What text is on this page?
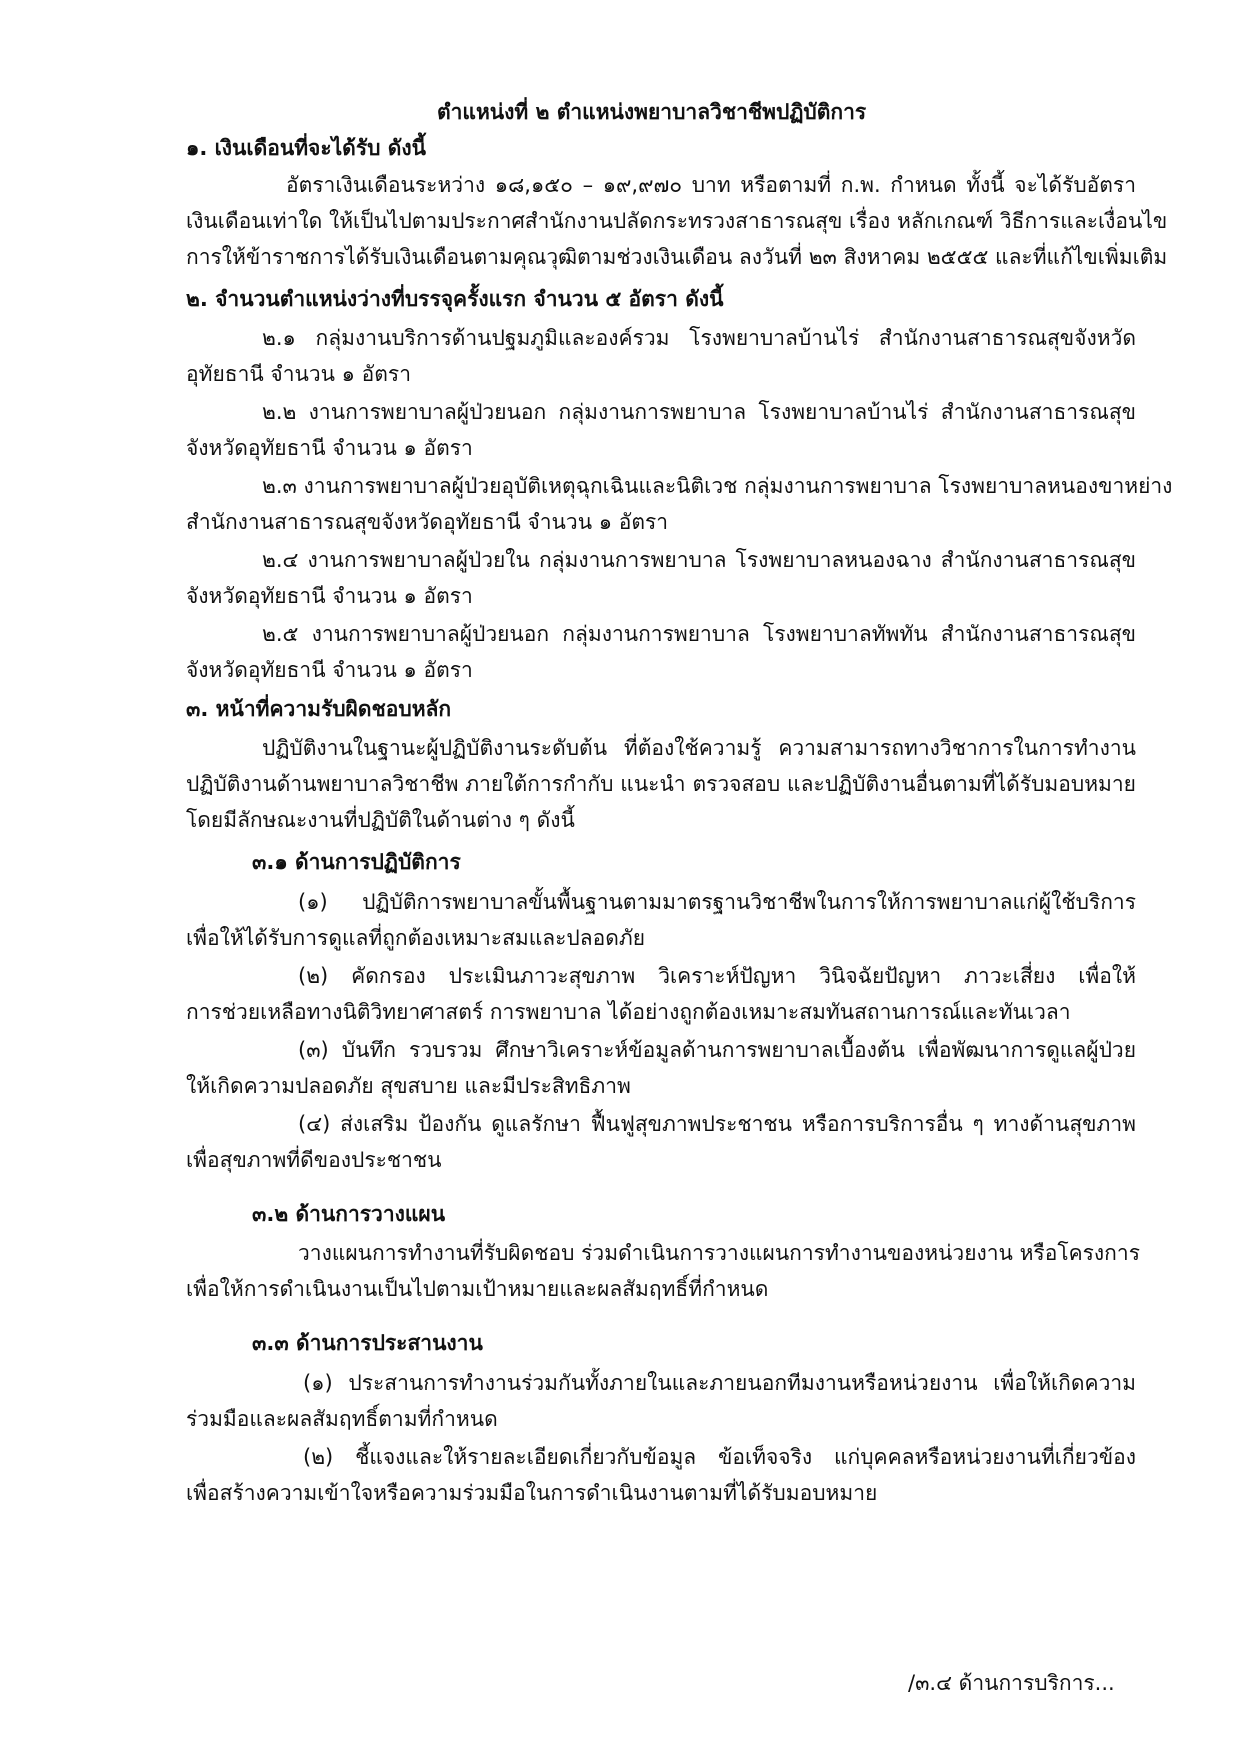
ตำแหน่งที่ ๒ ตำแหน่งพยาบาลวิชาชีพปฏิบัติการ
๑. เงินเดือนที่จะได้รับ ดังนี้
อัตราเงินเดือนระหว่าง ๑๘,๑๕๐ – ๑๙,๙๗๐ บาท หรือตามที่ ก.พ. กำหนด ทั้งนี้ จะได้รับอัตรา
เงินเดือนเท่าใด ให้เป็นไปตามประกาศสำนักงานปลัดกระทรวงสาธารณสุข เรื่อง หลักเกณฑ์ วิธีการและเงื่อนไข
การให้ข้าราชการได้รับเงินเดือนตามคุณวุฒิตามช่วงเงินเดือน ลงวันที่ ๒๓ สิงหาคม ๒๕๕๕ และที่แก้ไขเพิ่มเติม
๒. จำนวนตำแหน่งว่างที่บรรจุครั้งแรก จำนวน ๕ อัตรา ดังนี้
๒.๑ กลุ่มงานบริการด้านปฐมภูมิและองค์รวม โรงพยาบาลบ้านไร่ สำนักงานสาธารณสุขจังหวัด
อุทัยธานี จำนวน ๑ อัตรา
๒.๒ งานการพยาบาลผู้ป่วยนอก กลุ่มงานการพยาบาล โรงพยาบาลบ้านไร่ สำนักงานสาธารณสุข
จังหวัดอุทัยธานี จำนวน ๑ อัตรา
๒.๓ งานการพยาบาลผู้ป่วยอุบัติเหตุฉุกเฉินและนิติเวช กลุ่มงานการพยาบาล โรงพยาบาลหนองขาหย่าง
สำนักงานสาธารณสุขจังหวัดอุทัยธานี จำนวน ๑ อัตรา
๒.๔ งานการพยาบาลผู้ป่วยใน กลุ่มงานการพยาบาล โรงพยาบาลหนองฉาง สำนักงานสาธารณสุข
จังหวัดอุทัยธานี จำนวน ๑ อัตรา
๒.๕ งานการพยาบาลผู้ป่วยนอก กลุ่มงานการพยาบาล โรงพยาบาลทัพทัน สำนักงานสาธารณสุข
จังหวัดอุทัยธานี จำนวน ๑ อัตรา
๓. หน้าที่ความรับผิดชอบหลัก
ปฏิบัติงานในฐานะผู้ปฏิบัติงานระดับต้น ที่ต้องใช้ความรู้ ความสามารถทางวิชาการในการทำงาน
ปฏิบัติงานด้านพยาบาลวิชาชีพ ภายใต้การกำกับ แนะนำ ตรวจสอบ และปฏิบัติงานอื่นตามที่ได้รับมอบหมาย
โดยมีลักษณะงานที่ปฏิบัติในด้านต่าง ๆ ดังนี้
๓.๑ ด้านการปฏิบัติการ
(๑) ปฏิบัติการพยาบาลขั้นพื้นฐานตามมาตรฐานวิชาชีพในการให้การพยาบาลแก่ผู้ใช้บริการ
เพื่อให้ได้รับการดูแลที่ถูกต้องเหมาะสมและปลอดภัย
(๒) คัดกรอง ประเมินภาวะสุขภาพ วิเคราะห์ปัญหา วินิจฉัยปัญหา ภาวะเสี่ยง เพื่อให้
การช่วยเหลือทางนิติวิทยาศาสตร์ การพยาบาล ได้อย่างถูกต้องเหมาะสมทันสถานการณ์และทันเวลา
(๓) บันทึก รวบรวม ศึกษาวิเคราะห์ข้อมูลด้านการพยาบาลเบื้องต้น เพื่อพัฒนาการดูแลผู้ป่วย
ให้เกิดความปลอดภัย สุขสบาย และมีประสิทธิภาพ
(๔) ส่งเสริม ป้องกัน ดูแลรักษา ฟื้นฟูสุขภาพประชาชน หรือการบริการอื่น ๆ ทางด้านสุขภาพ
เพื่อสุขภาพที่ดีของประชาชน
๓.๒ ด้านการวางแผน
วางแผนการทำงานที่รับผิดชอบ ร่วมดำเนินการวางแผนการทำงานของหน่วยงาน หรือโครงการ
เพื่อให้การดำเนินงานเป็นไปตามเป้าหมายและผลสัมฤทธิ์ที่กำหนด
๓.๓ ด้านการประสานงาน
(๑) ประสานการทำงานร่วมกันทั้งภายในและภายนอกทีมงานหรือหน่วยงาน เพื่อให้เกิดความ
ร่วมมือและผลสัมฤทธิ์ตามที่กำหนด
(๒) ชี้แจงและให้รายละเอียดเกี่ยวกับข้อมูล ข้อเท็จจริง แก่บุคคลหรือหน่วยงานที่เกี่ยวข้อง
เพื่อสร้างความเข้าใจหรือความร่วมมือในการดำเนินงานตามที่ได้รับมอบหมาย
/๓.๔ ด้านการบริการ...
